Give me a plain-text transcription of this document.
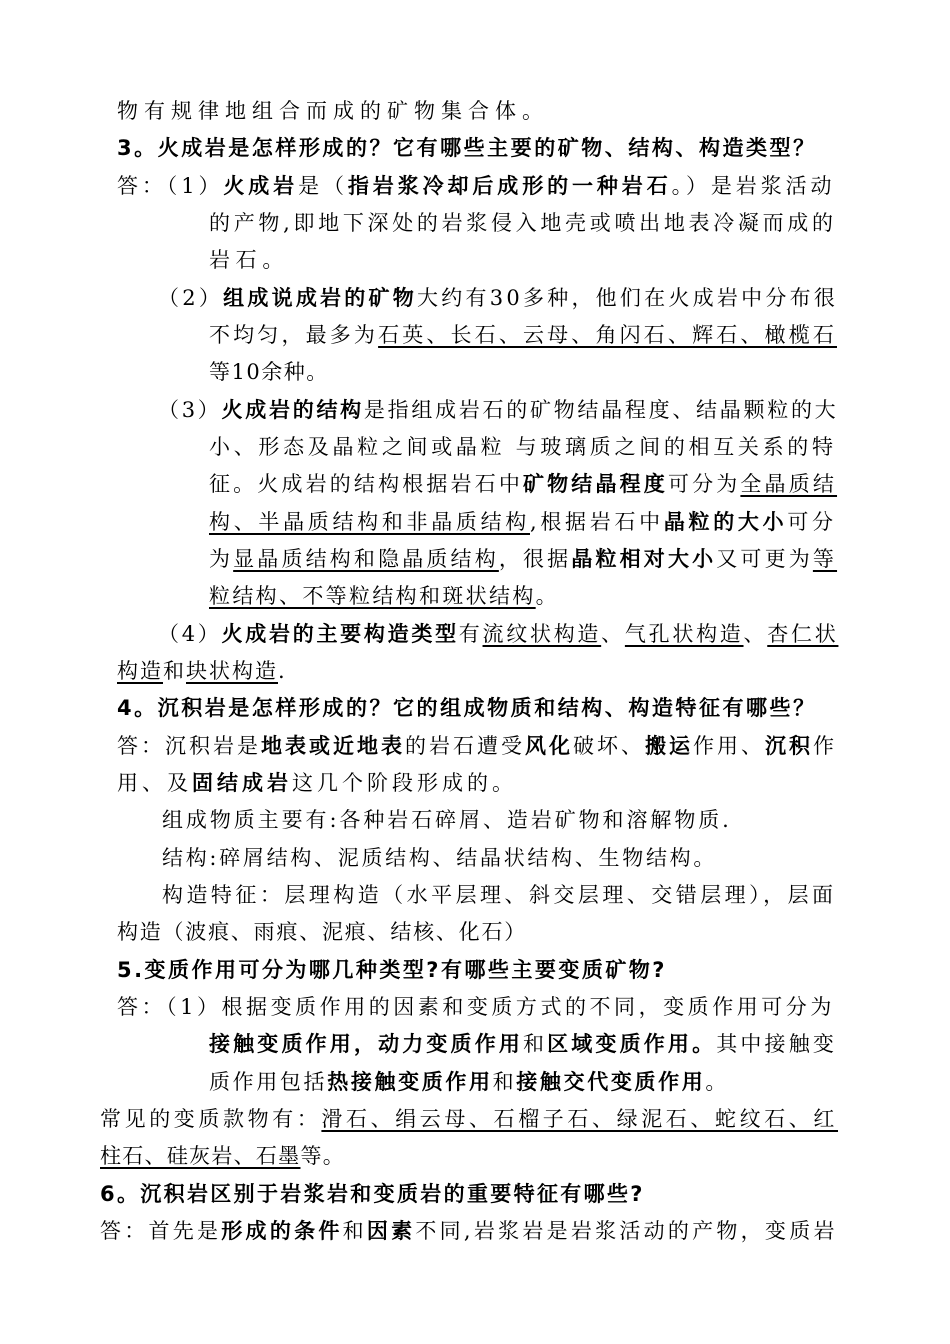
物有规律地组合而成的矿物集合体。
3。火成岩是怎样形成的？它有哪些主要的矿物、结构、构造类型？
答：（1）火成岩是（指岩浆冷却后成形的一种岩石。）是岩浆活动
的产物,即地下深处的岩浆侵入地壳或喷出地表冷凝而成的
岩石。
（2）组成说成岩的矿物大约有30多种，他们在火成岩中分布很
不均匀，最多为石英、长石、云母、角闪石、辉石、橄榄石
等10余种。
（3）火成岩的结构是指组成岩石的矿物结晶程度、结晶颗粒的大
小、形态及晶粒之间或晶粒 与玻璃质之间的相互关系的特
征。火成岩的结构根据岩石中矿物结晶程度可分为全晶质结
构、半晶质结构和非晶质结构,根据岩石中晶粒的大小可分
为显晶质结构和隐晶质结构，很据晶粒相对大小又可更为等
粒结构、不等粒结构和斑状结构。
（4）火成岩的主要构造类型有流纹状构造、气孔状构造、杏仁状
构造和块状构造.
4。沉积岩是怎样形成的？它的组成物质和结构、构造特征有哪些？
答：沉积岩是地表或近地表的岩石遭受风化破坏、搬运作用、沉积作
用、及固结成岩这几个阶段形成的。
组成物质主要有:各种岩石碎屑、造岩矿物和溶解物质.
结构:碎屑结构、泥质结构、结晶状结构、生物结构。
构造特征：层理构造（水平层理、斜交层理、交错层理），层面
构造（波痕、雨痕、泥痕、结核、化石）
5.变质作用可分为哪几种类型?有哪些主要变质矿物?
答：（1）根据变质作用的因素和变质方式的不同，变质作用可分为
接触变质作用，动力变质作用和区域变质作用。其中接触变
质作用包括热接触变质作用和接触交代变质作用。
常见的变质款物有：滑石、绢云母、石榴子石、绿泥石、蛇纹石、红
柱石、硅灰岩、石墨等。
6。沉积岩区别于岩浆岩和变质岩的重要特征有哪些?
答：首先是形成的条件和因素不同,岩浆岩是岩浆活动的产物，变质岩
